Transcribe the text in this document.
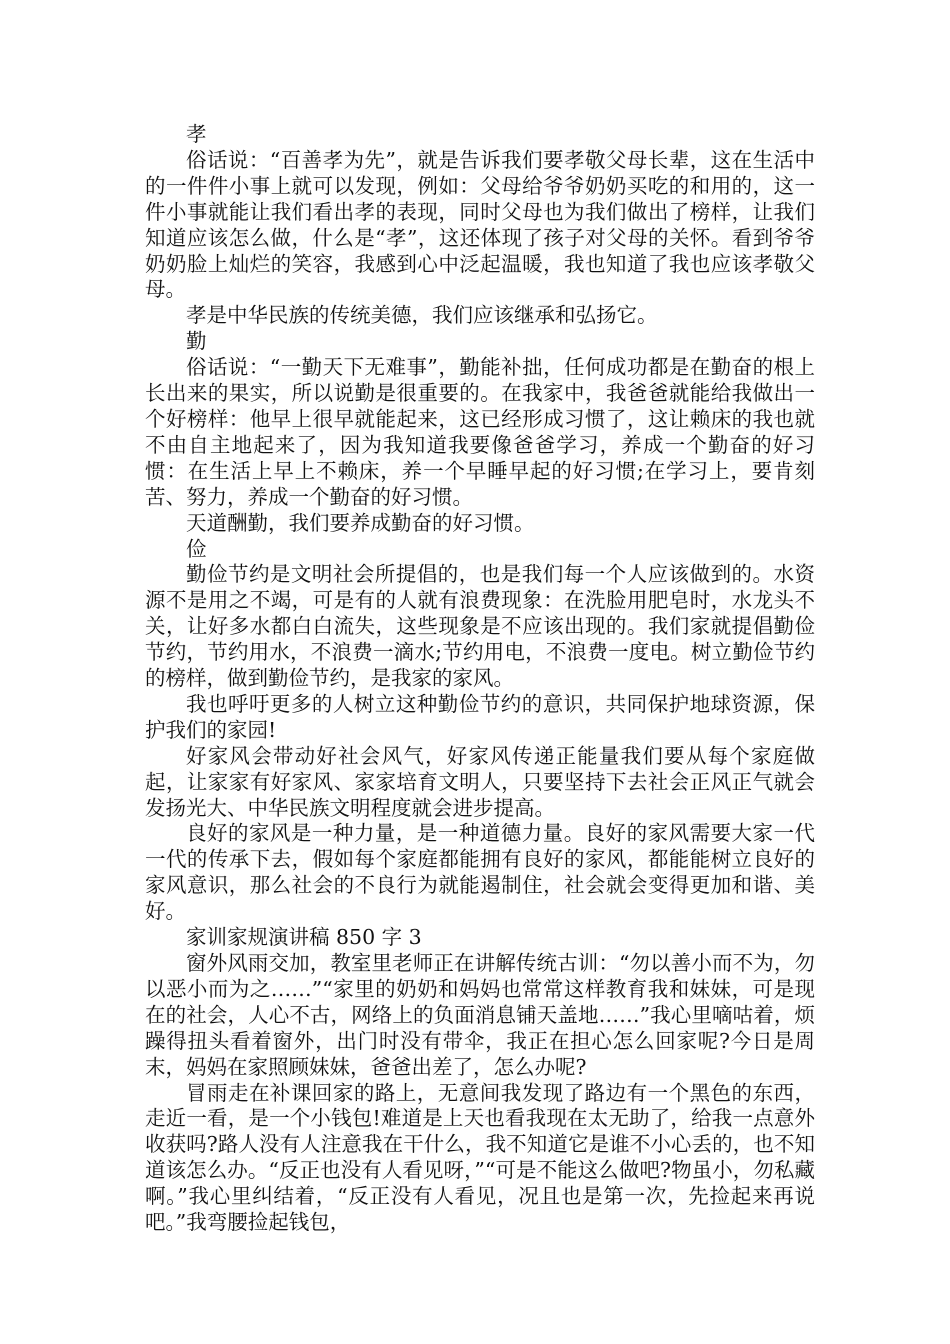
孝

俗话说：“百善孝为先”，就是告诉我们要孝敬父母长辈，这在生活中的一件件小事上就可以发现，例如：父母给爷爷奶奶买吃的和用的，这一件小事就能让我们看出孝的表现，同时父母也为我们做出了榜样，让我们知道应该怎么做，什么是“孝”，这还体现了孩子对父母的关怀。看到爷爷奶奶脸上灿烂的笑容，我感到心中泛起温暖，我也知道了我也应该孝敬父母。

孝是中华民族的传统美德，我们应该继承和弘扬它。

勤

俗话说：“一勤天下无难事”，勤能补拙，任何成功都是在勤奋的根上长出来的果实，所以说勤是很重要的。在我家中，我爸爸就能给我做出一个好榜样：他早上很早就能起来，这已经形成习惯了，这让赖床的我也就不由自主地起来了，因为我知道我要像爸爸学习，养成一个勤奋的好习惯：在生活上早上不赖床，养一个早睡早起的好习惯;在学习上，要肯刻苦、努力，养成一个勤奋的好习惯。

天道酬勤，我们要养成勤奋的好习惯。

俭

勤俭节约是文明社会所提倡的，也是我们每一个人应该做到的。水资源不是用之不竭，可是有的人就有浪费现象：在洗脸用肥皂时，水龙头不关，让好多水都白白流失，这些现象是不应该出现的。我们家就提倡勤俭节约，节约用水，不浪费一滴水;节约用电，不浪费一度电。树立勤俭节约的榜样，做到勤俭节约，是我家的家风。

我也呼吁更多的人树立这种勤俭节约的意识，共同保护地球资源，保护我们的家园!

好家风会带动好社会风气，好家风传递正能量我们要从每个家庭做起，让家家有好家风、家家培育文明人，只要坚持下去社会正风正气就会发扬光大、中华民族文明程度就会进步提高。

良好的家风是一种力量，是一种道德力量。良好的家风需要大家一代一代的传承下去，假如每个家庭都能拥有良好的家风，都能能树立良好的家风意识，那么社会的不良行为就能遏制住，社会就会变得更加和谐、美好。

家训家规演讲稿 850 字 3

窗外风雨交加，教室里老师正在讲解传统古训：“勿以善小而不为，勿以恶小而为之……”“家里的奶奶和妈妈也常常这样教育我和妹妹，可是现在的社会，人心不古，网络上的负面消息铺天盖地……”我心里嘀咕着，烦躁得扭头看着窗外，出门时没有带伞，我正在担心怎么回家呢?今日是周末，妈妈在家照顾妹妹，爸爸出差了，怎么办呢?

冒雨走在补课回家的路上，无意间我发现了路边有一个黑色的东西，走近一看，是一个小钱包!难道是上天也看我现在太无助了，给我一点意外收获吗?路人没有人注意我在干什么，我不知道它是谁不小心丢的，也不知道该怎么办。“反正也没有人看见呀，”“可是不能这么做吧?物虽小，勿私藏啊。”我心里纠结着，“反正没有人看见，况且也是第一次，先捡起来再说吧。”我弯腰捡起钱包，
